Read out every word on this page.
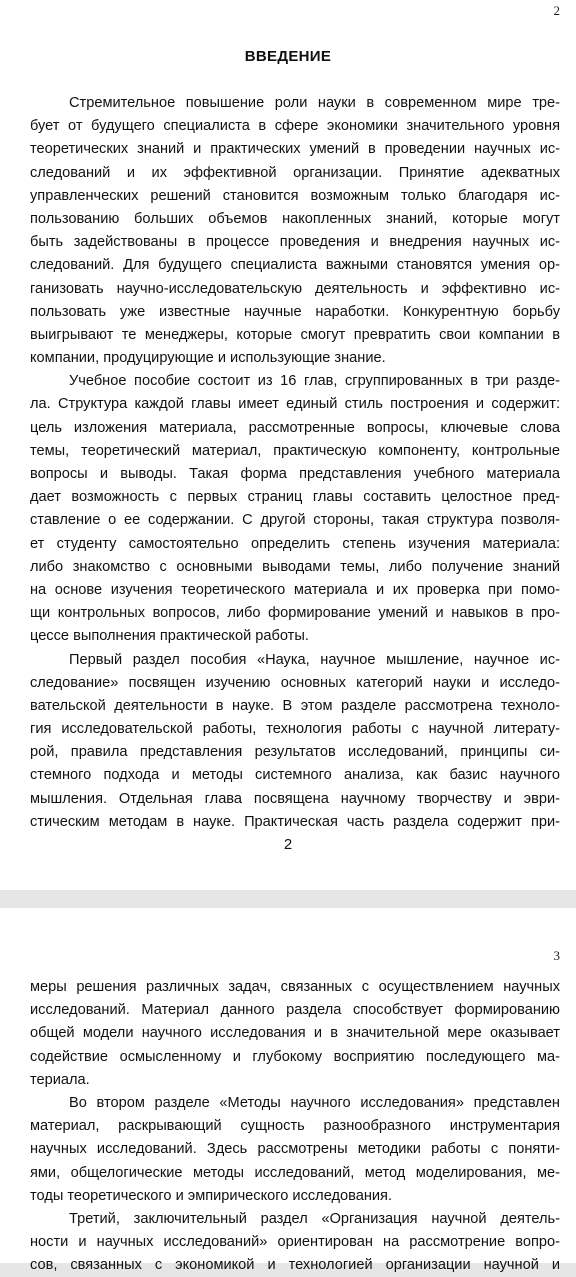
2
ВВЕДЕНИЕ
Стремительное повышение роли науки в современном мире тре-
бует от будущего специалиста в сфере экономики значительного уровня
теоретических знаний и практических умений в проведении научных ис-
следований и их эффективной организации. Принятие адекватных
управленческих решений становится возможным только благодаря ис-
пользованию больших объемов накопленных знаний, которые могут
быть задействованы в процессе проведения и внедрения научных ис-
следований. Для будущего специалиста важными становятся умения ор-
ганизовать научно-исследовательскую деятельность и эффективно ис-
пользовать уже известные научные наработки. Конкурентную борьбу
выигрывают те менеджеры, которые смогут превратить свои компании в
компании, продуцирующие и использующие знание.
Учебное пособие состоит из 16 глав, сгруппированных в три разде-
ла. Структура каждой главы имеет единый стиль построения и содержит:
цель изложения материала, рассмотренные вопросы, ключевые слова
темы, теоретический материал, практическую компоненту, контрольные
вопросы и выводы. Такая форма представления учебного материала
дает возможность с первых страниц главы составить целостное пред-
ставление о ее содержании. С другой стороны, такая структура позволя-
ет студенту самостоятельно определить степень изучения материала:
либо знакомство с основными выводами темы, либо получение знаний
на основе изучения теоретического материала и их проверка при помо-
щи контрольных вопросов, либо формирование умений и навыков в про-
цессе выполнения практической работы.
Первый раздел пособия «Наука, научное мышление, научное ис-
следование» посвящен изучению основных категорий науки и исследо-
вательской деятельности в науке. В этом разделе рассмотрена техноло-
гия исследовательской работы, технология работы с научной литерату-
рой, правила представления результатов исследований, принципы си-
стемного подхода и методы системного анализа, как базис научного
мышления. Отдельная глава посвящена научному творчеству и эври-
стическим методам в науке. Практическая часть раздела содержит при-
2
3
меры решения различных задач, связанных с осуществлением научных
исследований. Материал данного раздела способствует формированию
общей модели научного исследования и в значительной мере оказывает
содействие осмысленному и глубокому восприятию последующего ма-
териала.
Во втором разделе «Методы научного исследования» представлен
материал, раскрывающий сущность разнообразного инструментария
научных исследований. Здесь рассмотрены методики работы с поняти-
ями, общелогические методы исследований, метод моделирования, ме-
тоды теоретического и эмпирического исследования.
Третий, заключительный раздел «Организация научной деятель-
ности и научных исследований» ориентирован на рассмотрение вопро-
сов, связанных с экономикой и технологией организации научной и
